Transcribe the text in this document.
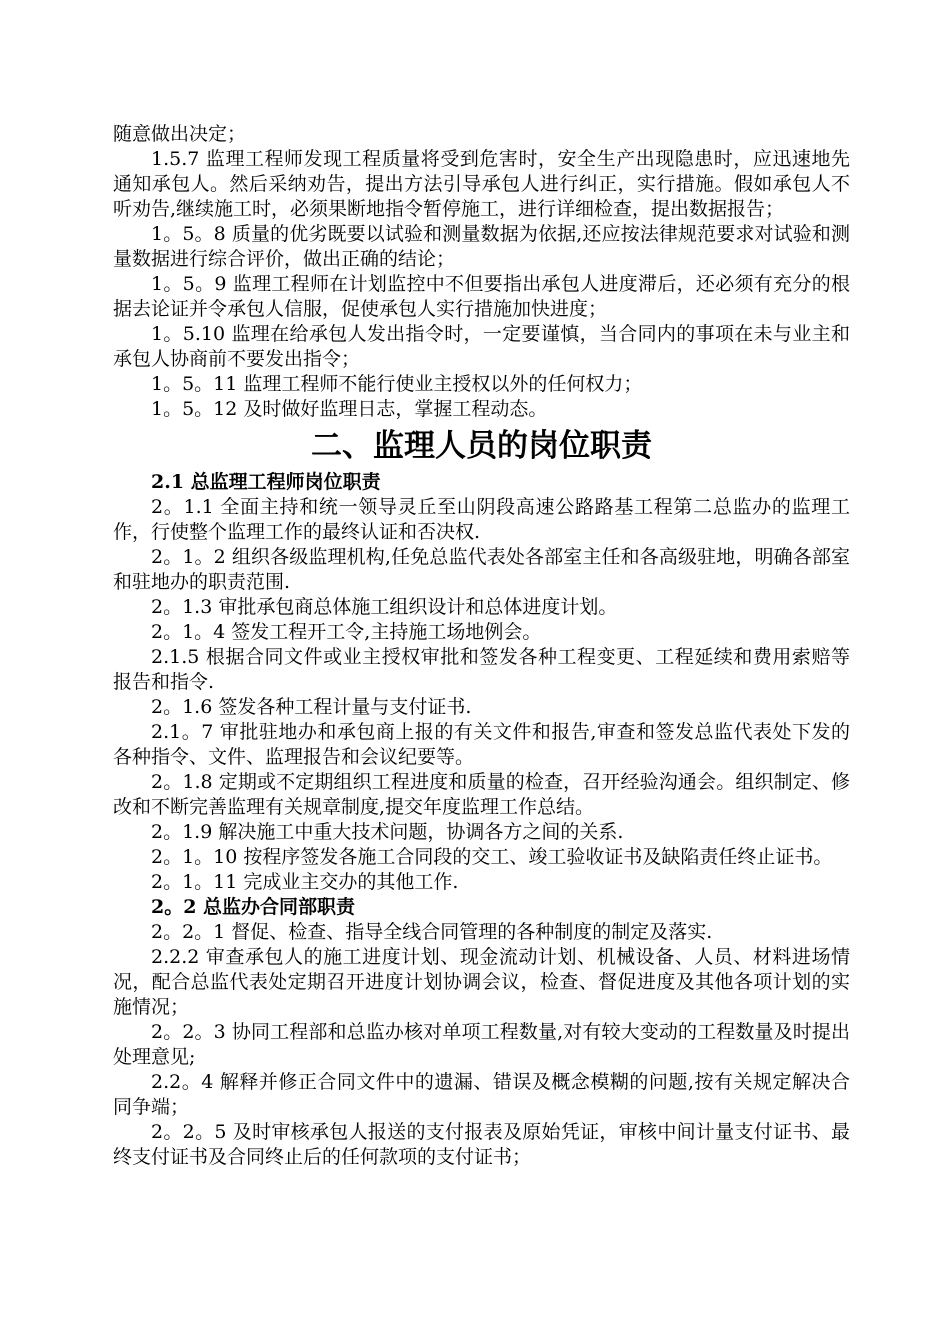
随意做出决定；

1.5.7 监理工程师发现工程质量将受到危害时，安全生产出现隐患时，应迅速地先通知承包人。然后采纳劝告，提出方法引导承包人进行纠正，实行措施。假如承包人不听劝告,继续施工时，必须果断地指令暂停施工，进行详细检查，提出数据报告；

1。5。8 质量的优劣既要以试验和测量数据为依据,还应按法律规范要求对试验和测量数据进行综合评价，做出正确的结论；

1。5。9 监理工程师在计划监控中不但要指出承包人进度滞后，还必须有充分的根据去论证并令承包人信服，促使承包人实行措施加快进度；

1。5.10 监理在给承包人发出指令时，一定要谨慎，当合同内的事项在未与业主和承包人协商前不要发出指令；

1。5。11 监理工程师不能行使业主授权以外的任何权力；

1。5。12 及时做好监理日志，掌握工程动态。

二、监理人员的岗位职责

2.1 总监理工程师岗位职责

2。1.1 全面主持和统一领导灵丘至山阴段高速公路路基工程第二总监办的监理工作，行使整个监理工作的最终认证和否决权.

2。1。2 组织各级监理机构,任免总监代表处各部室主任和各高级驻地，明确各部室和驻地办的职责范围.

2。1.3 审批承包商总体施工组织设计和总体进度计划。

2。1。4 签发工程开工令,主持施工场地例会。

2.1.5 根据合同文件或业主授权审批和签发各种工程变更、工程延续和费用索赔等报告和指令.

2。1.6 签发各种工程计量与支付证书.

2.1。7 审批驻地办和承包商上报的有关文件和报告,审查和签发总监代表处下发的各种指令、文件、监理报告和会议纪要等。

2。1.8 定期或不定期组织工程进度和质量的检查，召开经验沟通会。组织制定、修改和不断完善监理有关规章制度,提交年度监理工作总结。

2。1.9 解决施工中重大技术问题，协调各方之间的关系.

2。1。10 按程序签发各施工合同段的交工、竣工验收证书及缺陷责任终止证书。

2。1。11 完成业主交办的其他工作.

2。2 总监办合同部职责

2。2。1 督促、检查、指导全线合同管理的各种制度的制定及落实.

2.2.2 审查承包人的施工进度计划、现金流动计划、机械设备、人员、材料进场情况，配合总监代表处定期召开进度计划协调会议，检查、督促进度及其他各项计划的实施情况；

2。2。3 协同工程部和总监办核对单项工程数量,对有较大变动的工程数量及时提出处理意见;

2.2。4 解释并修正合同文件中的遗漏、错误及概念模糊的问题,按有关规定解决合同争端；

2。2。5 及时审核承包人报送的支付报表及原始凭证，审核中间计量支付证书、最终支付证书及合同终止后的任何款项的支付证书；
